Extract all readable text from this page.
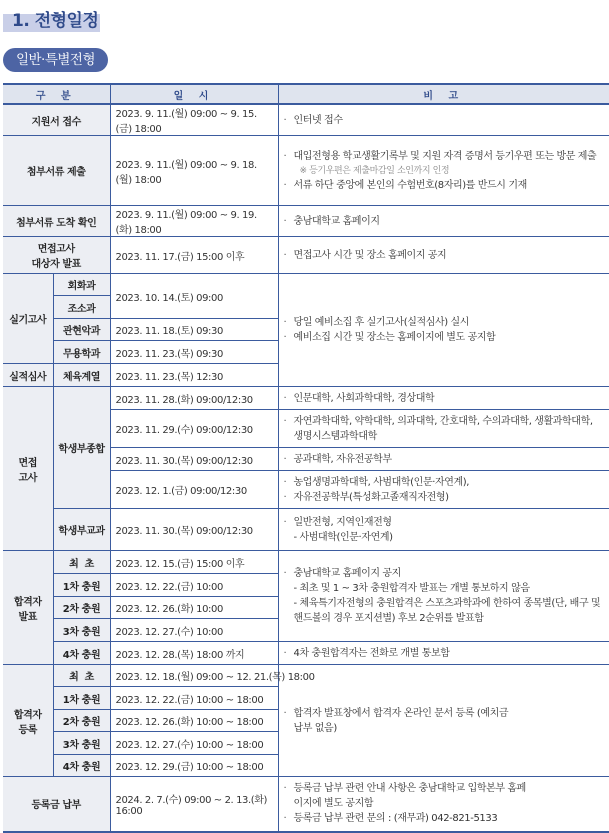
1. 전형일정
일반·특별전형
구 분		일 시	비 고
지원서 접수		2023. 9. 11.(월) 09:00 ~ 9. 15.(금) 18:00	· 인터넷 접수

첨부서류 제출		2023. 9. 11.(월) 09:00 ~ 9. 18.(월) 18:00	· 대입전형용 학교생활기록부 및 지원 자격 증명서 등기우편 또는 방문 제출
※ 등기우편은 제출마감일 소인까지 인정
· 서류 하단 중앙에 본인의 수험번호(8자리)를 반드시 기재

첨부서류 도착 확인		2023. 9. 11.(월) 09:00 ~ 9. 19.(화) 18:00	· 충남대학교 홈페이지

면접고사
대상자 발표		2023. 11. 17.(금) 15:00 이후	· 면접고사 시간 및 장소 홈페이지 공지

실기고사	회화과	2023. 10. 14.(토) 09:00	· 당일 예비소집 후 실기고사(실적심사) 실시
· 예비소집 시간 및 장소는 홈페이지에 별도 공지함

	조소과		
	관현악과	2023. 11. 18.(토) 09:30	
	무용학과	2023. 11. 23.(목) 09:30	
실적심사	체육계열	2023. 11. 23.(목) 12:30	
면접
고사	학생부종합	2023. 11. 28.(화) 09:00/12:30	· 인문대학, 사회과학대학, 경상대학

		2023. 11. 29.(수) 09:00/12:30	· 자연과학대학, 약학대학, 의과대학, 간호대학, 수의과대학, 생활과학대학, 생명시스템과학대학

		2023. 11. 30.(목) 09:00/12:30	· 공과대학, 자유전공학부

		2023. 12. 1.(금) 09:00/12:30	· 농업생명과학대학, 사범대학(인문·자연계),
· 자유전공학부(특성화고졸재직자전형)

	학생부교과	2023. 11. 30.(목) 09:00/12:30	· 일반전형, 지역인재전형
- 사범대학(인문·자연계)

합격자
발표	최  초	2023. 12. 15.(금) 15:00 이후	· 충남대학교 홈페이지 공지
- 최초 및 1 ~ 3차 충원합격자 발표는 개별 통보하지 않음
- 체육특기자전형의 충원합격은 스포츠과학과에 한하여 종목별(단, 배구 및 핸드볼의 경우 포지션별) 후보 2순위를 발표함

	1차 충원	2023. 12. 22.(금) 10:00	
	2차 충원	2023. 12. 26.(화) 10:00	
	3차 충원	2023. 12. 27.(수) 10:00	
	4차 충원	2023. 12. 28.(목) 18:00 까지	· 4차 충원합격자는 전화로 개별 통보함

합격자
등록	최  초	2023. 12. 18.(월) 09:00 ~ 12. 21.(목) 18:00	· 합격자 발표창에서 합격자 온라인 문서 등록 (예치금 납부 없음)

	1차 충원	2023. 12. 22.(금) 10:00 ~ 18:00	
	2차 충원	2023. 12. 26.(화) 10:00 ~ 18:00	
	3차 충원	2023. 12. 27.(수) 10:00 ~ 18:00	
	4차 충원	2023. 12. 29.(금) 10:00 ~ 18:00	
등록금 납부		2024. 2. 7.(수) 09:00 ~ 2. 13.(화) 16:00	· 등록금 납부 관련 안내 사항은 충남대학교 입학본부 홈페이지에 별도 공지함
· 등록금 납부 관련 문의 : (재무과) 042-821-5133
